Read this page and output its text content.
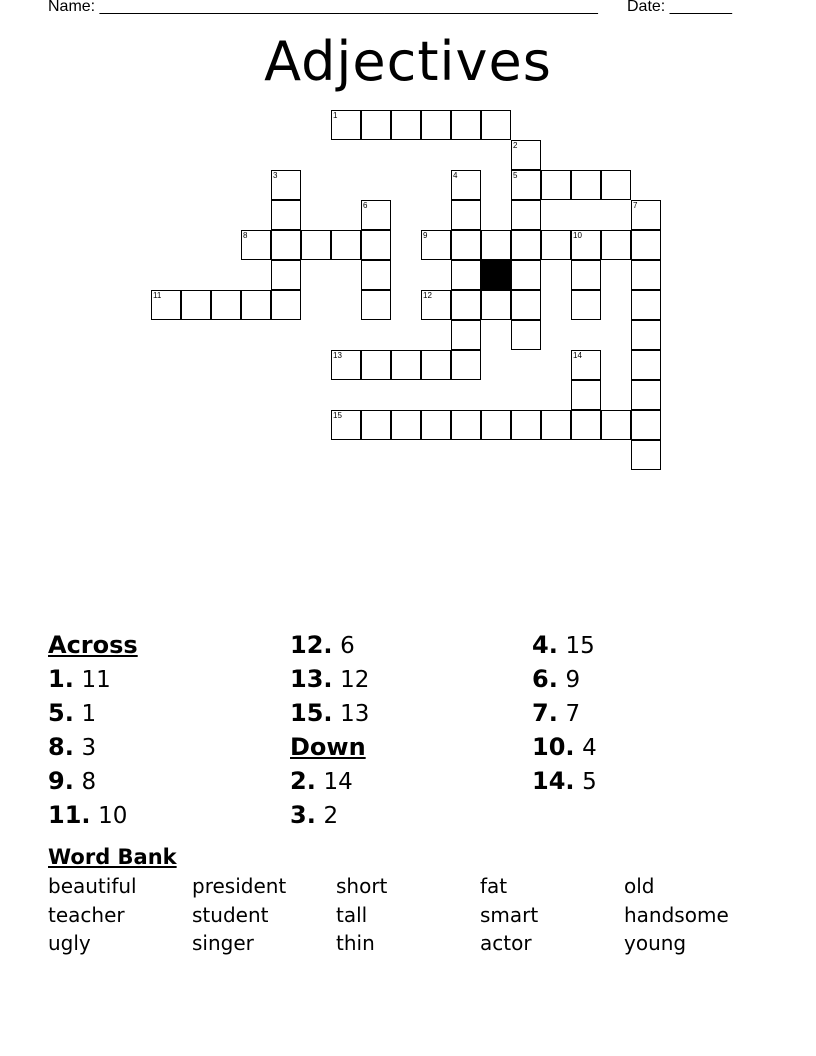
Name: ________________________________________________________ Date: _______
Adjectives
1
2
5
3	4
6	7
8	9	10
11	12
13	14
15
Across
1. 11
5. 1
8. 3
9. 8
11. 10
12. 6
13. 12
15. 13
Down
2. 14
3. 2
4. 15
6. 9
7. 7
10. 4
14. 5
Word Bank
beautiful	president short	fat	old
teacher	student	tall	smart	handsome
ugly	singer	thin	actor	young
